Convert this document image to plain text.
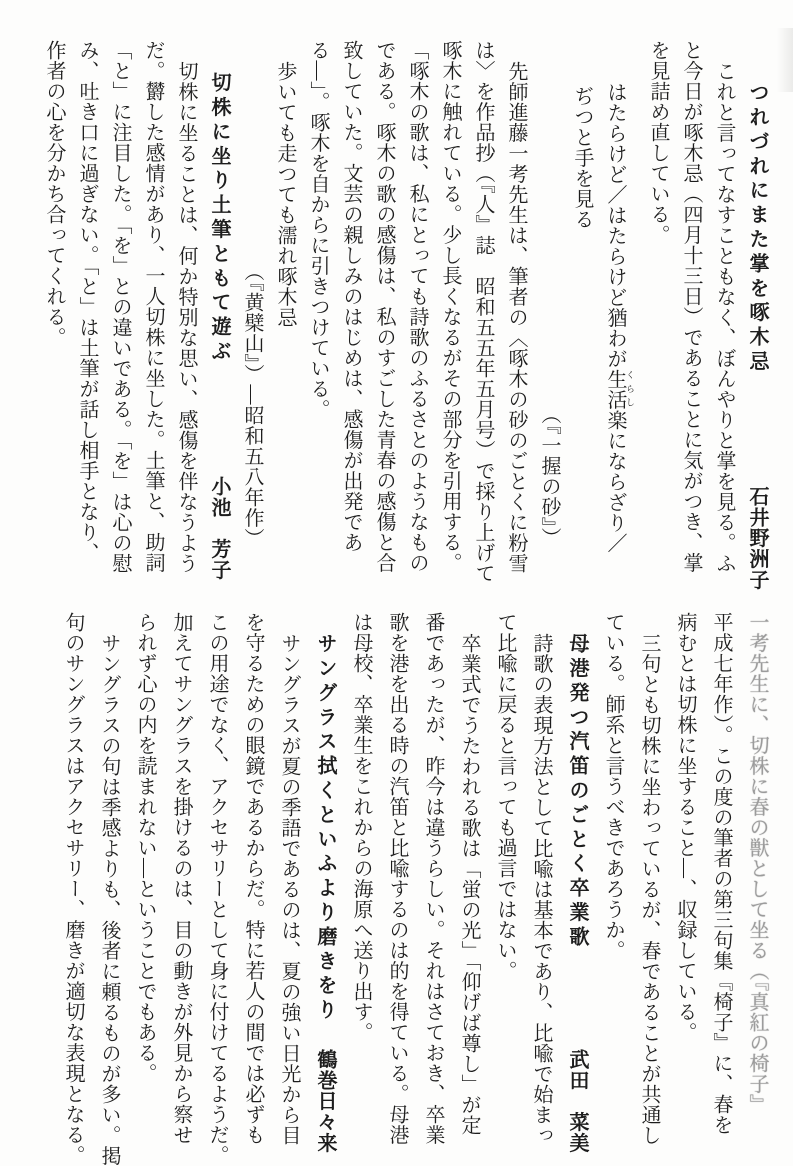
つれづれにまた掌を啄木忌
石井野洲子
これと言ってなすこともなく、ぼんやりと掌を見る。ふ
と今日が啄木忌（四月十三日）であることに気がつき、掌
を見詰め直している。
はたらけど／はたらけど猶わが生活 くらし楽にならざり／
ぢつと手を見る
（『一握の砂』）
先師進藤一考先生は、筆者の〈啄木の砂のごとくに粉雪
は〉を作品抄（『人』誌　昭和五五年五月号）で採り上げて
啄木に触れている。少し長くなるがその部分を引用する。
「啄木の歌は、私にとっても詩歌のふるさとのようなもの
である。啄木の歌の感傷は、私のすごした青春の感傷と合
致していた。文芸の親しみのはじめは、感傷が出発であ
る―」。啄木を自からに引きつけている。
歩いても走つても濡れ啄木忌
（『黄檗山』）―昭和五八年作）
切株に坐り土筆ともて遊ぶ
小池　芳子
切株に坐ることは、何か特別な思い、感傷を伴なうよう
だ。欝した感情があり、一人切株に坐した。土筆と、助詞
「と」に注目した。「を」との違いである。「を」は心の慰
み、吐き口に過ぎない。「と」は土筆が話し相手となり、
作者の心を分かち合ってくれる。
一考先生に、切株に春の獣として坐る（『真紅の椅子』
平成七年作）。この度の筆者の第三句集『椅子』に、春を
病むとは切株に坐すること―、収録している。
三句とも切株に坐わっているが、春であることが共通し
ている。師系と言うべきであろうか。
母港発つ汽笛のごとく卒業歌
武田　菜美
詩歌の表現方法として比喩は基本であり、比喩で始まっ
て比喩に戻ると言っても過言ではない。
卒業式でうたわれる歌は「蛍の光」「仰げば尊し」が定
番であったが、昨今は違うらしい。それはさておき、卒業
歌を港を出る時の汽笛と比喩するのは的を得ている。母港
は母校、卒業生をこれからの海原へ送り出す。
サングラス拭くといふより磨きをり
鶴巻日々来
サングラスが夏の季語であるのは、夏の強い日光から目
を守るための眼鏡であるからだ。特に若人の間では必ずも
この用途でなく、アクセサリーとして身に付けてるようだ。
加えてサングラスを掛けるのは、目の動きが外見から察せ
られず心の内を読まれない―ということでもある。
サングラスの句は季感よりも、後者に頼るものが多い。掲
句のサングラスはアクセサリー、磨きが適切な表現となる。
